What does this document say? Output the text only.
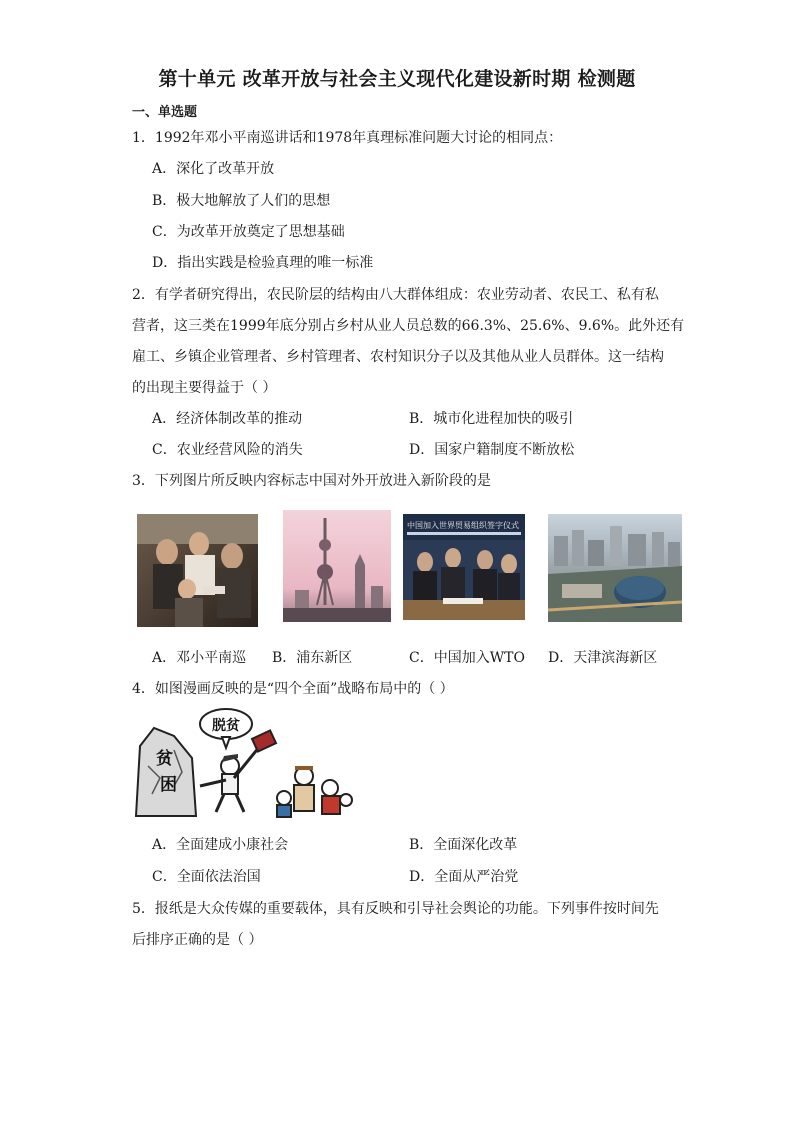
第十单元 改革开放与社会主义现代化建设新时期 检测题
一、单选题
1．1992年邓小平南巡讲话和1978年真理标准问题大讨论的相同点：
A．深化了改革开放
B．极大地解放了人们的思想
C．为改革开放奠定了思想基础
D．指出实践是检验真理的唯一标准
2．有学者研究得出，农民阶层的结构由八大群体组成：农业劳动者、农民工、私有私
营者，这三类在1999年底分别占乡村从业人员总数的66.3%、25.6%、9.6%。此外还有
雇工、乡镇企业管理者、乡村管理者、农村知识分子以及其他从业人员群体。这一结构
的出现主要得益于（ ）
A．经济体制改革的推动	B．城市化进程加快的吸引
C．农业经营风险的消失	D．国家户籍制度不断放松
3．下列图片所反映内容标志中国对外开放进入新阶段的是
中国加入世界贸易组织签字仪式
A．邓小平南巡 B．浦东新区	C．中国加入WTO D．天津滨海新区
4．如图漫画反映的是“四个全面”战略布局中的（ ）
脱贫
贫
困
A．全面建成小康社会	B．全面深化改革
C．全面依法治国	D．全面从严治党
5．报纸是大众传媒的重要载体，具有反映和引导社会舆论的功能。下列事件按时间先
后排序正确的是（ ）
